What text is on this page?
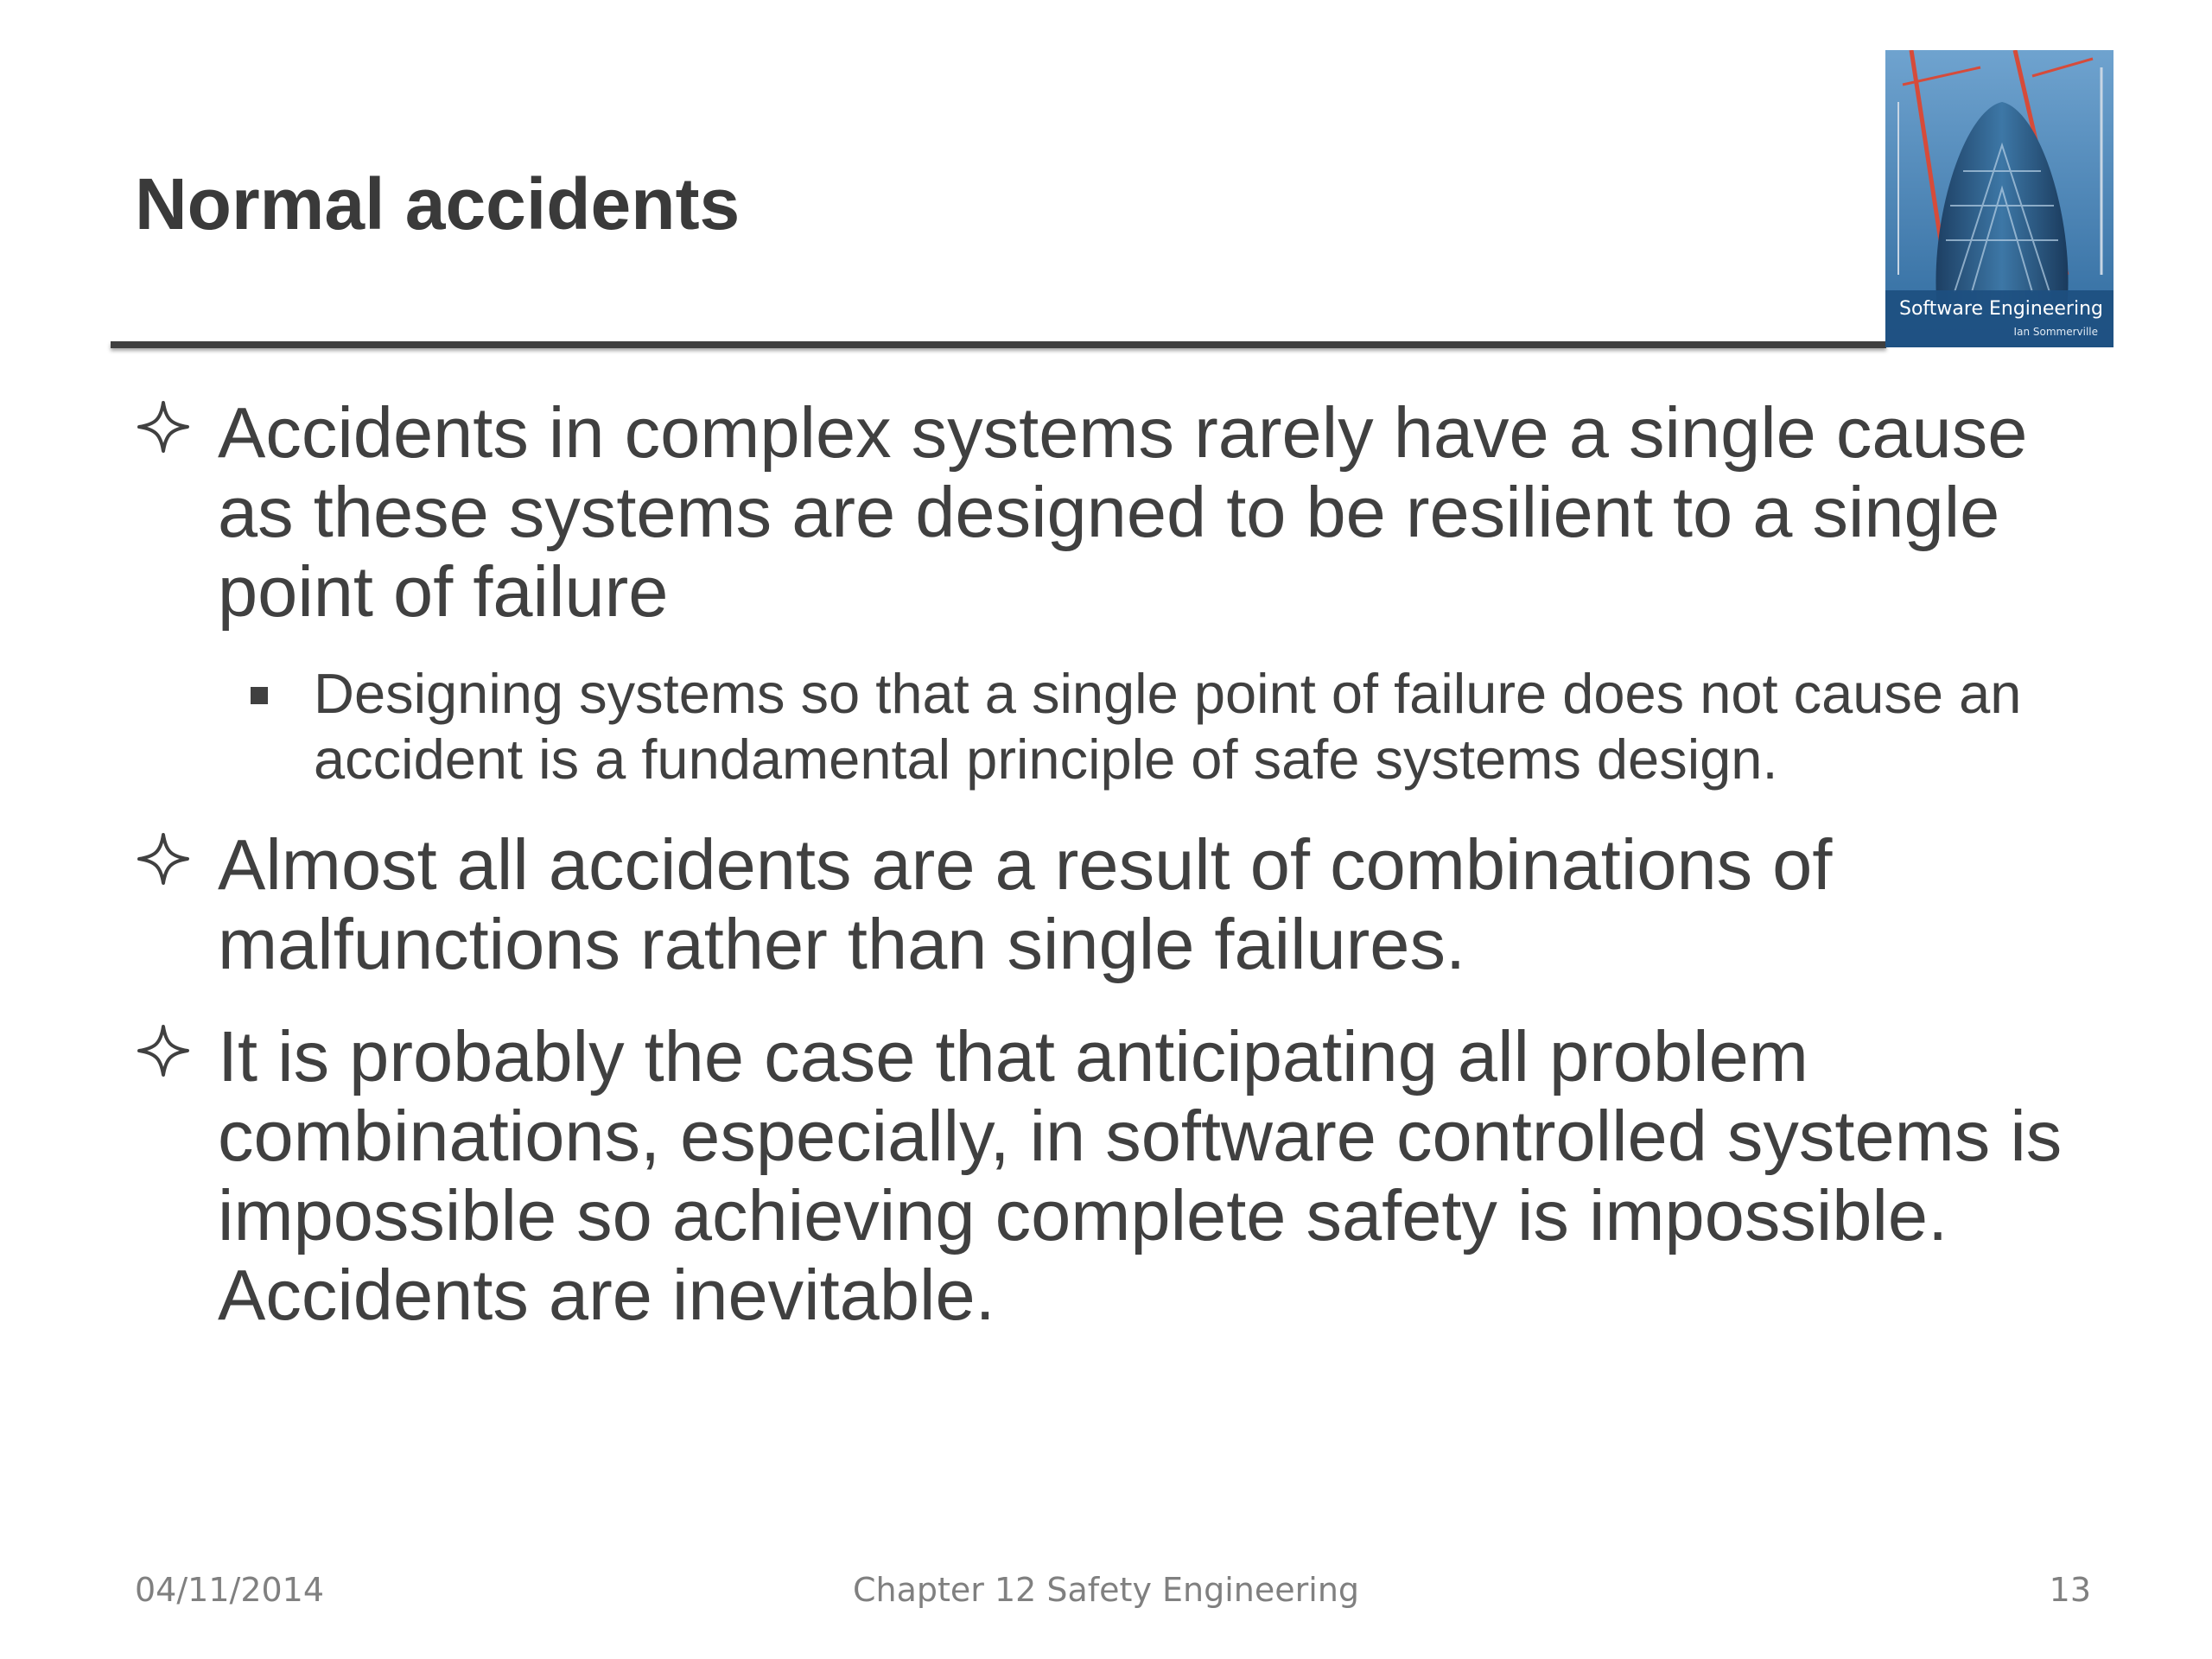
Normal accidents
Software Engineering
Ian Sommerville
Accidents in complex systems rarely have a single cause as these systems are designed to be resilient to a single point of failure
Designing systems so that a single point of failure does not cause an accident is a fundamental principle of safe systems design.
Almost all accidents are a result of combinations of malfunctions rather than single failures.
It is probably the case that anticipating all problem combinations, especially, in software controlled systems is impossible so achieving complete safety is impossible. Accidents are inevitable.
04/11/2014	Chapter 12 Safety Engineering	13
